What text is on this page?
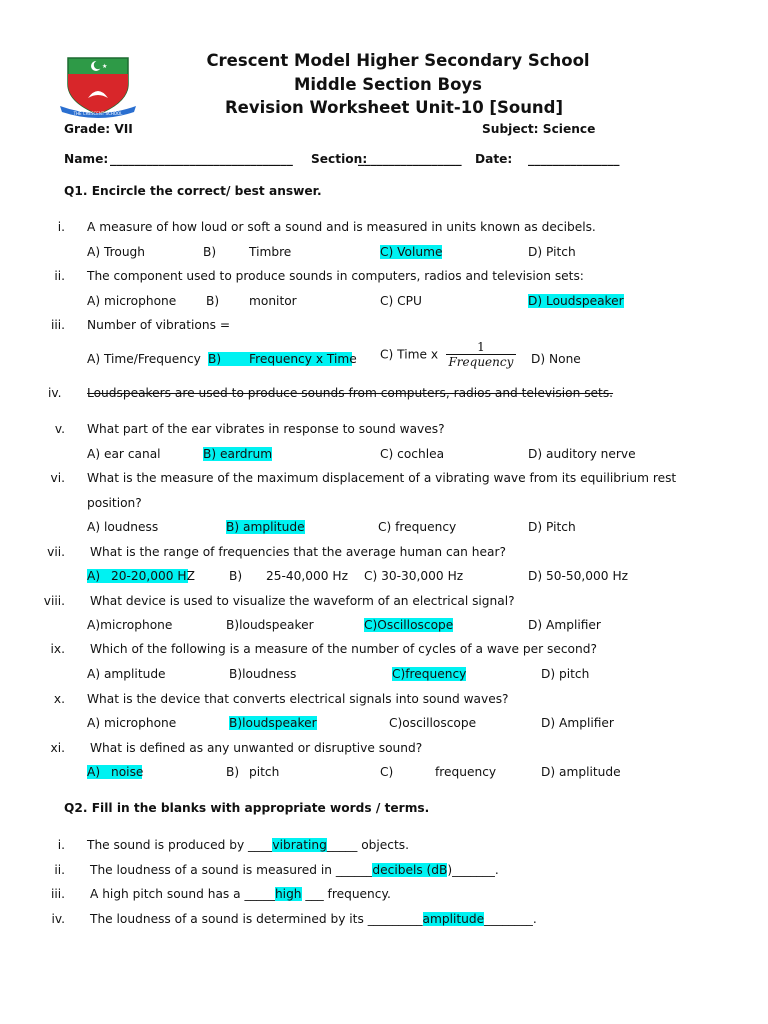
★
THE CRESCENT SCHOOL
Crescent Model Higher Secondary School
Middle Section Boys
Revision Worksheet Unit-10 [Sound]
Grade: VII	Subject: Science
Name: ______________________________ Section:
_________________ Date: _______________
Q1. Encircle the correct/ best answer.
i. A measure of how loud or soft a sound and is measured in units known as decibels.
A) Trough	B)	Timbre	C) Volume	D) Pitch
ii. The component used to produce sounds in computers, radios and television sets:
A) microphone B) monitor	C) CPU	D) Loudspeaker
iii. Number of vibrations =
A) Time/Frequency B) Frequency x Time C) Time x $\frac{1}{\text{Frequency}} D$) None
iv. Loudspeakers are used to produce sounds from computers, radios and television sets.
v. What part of the ear vibrates in response to sound waves?
A) ear canal	B) eardrum	C) cochlea	D) auditory nerve
vi. What is the measure of the maximum displacement of a vibrating wave from its equilibrium rest
position?
A) loudness	B) amplitude	C) frequency	D) Pitch
vii. What is the range of frequencies that the average human can hear?
A) 20-20,000 HZ	B) 25-40,000 Hz C) 30-30,000 Hz	D) 50-50,000 Hz
viii. What device is used to visualize the waveform of an electrical signal?
A)microphone	B)loudspeaker	C)Oscilloscope	D) Amplifier
ix. Which of the following is a measure of the number of cycles of a wave per second?
A) amplitude	B)loudness	C)frequency	D) pitch
x. What is the device that converts electrical signals into sound waves?
A) microphone	B)loudspeaker	C)oscilloscope	D) Amplifier
xi. What is defined as any unwanted or disruptive sound?
A) noise	B) pitch	C)	frequency	D) amplitude
Q2. Fill in the blanks with appropriate words / terms.
i. The sound is produced by ____vibrating_____ objects.
ii. The loudness of a sound is measured in ______decibels (dB)_______.
iii. A high pitch sound has a _____high ___ frequency.
iv. The loudness of a sound is determined by its _________amplitude________.
